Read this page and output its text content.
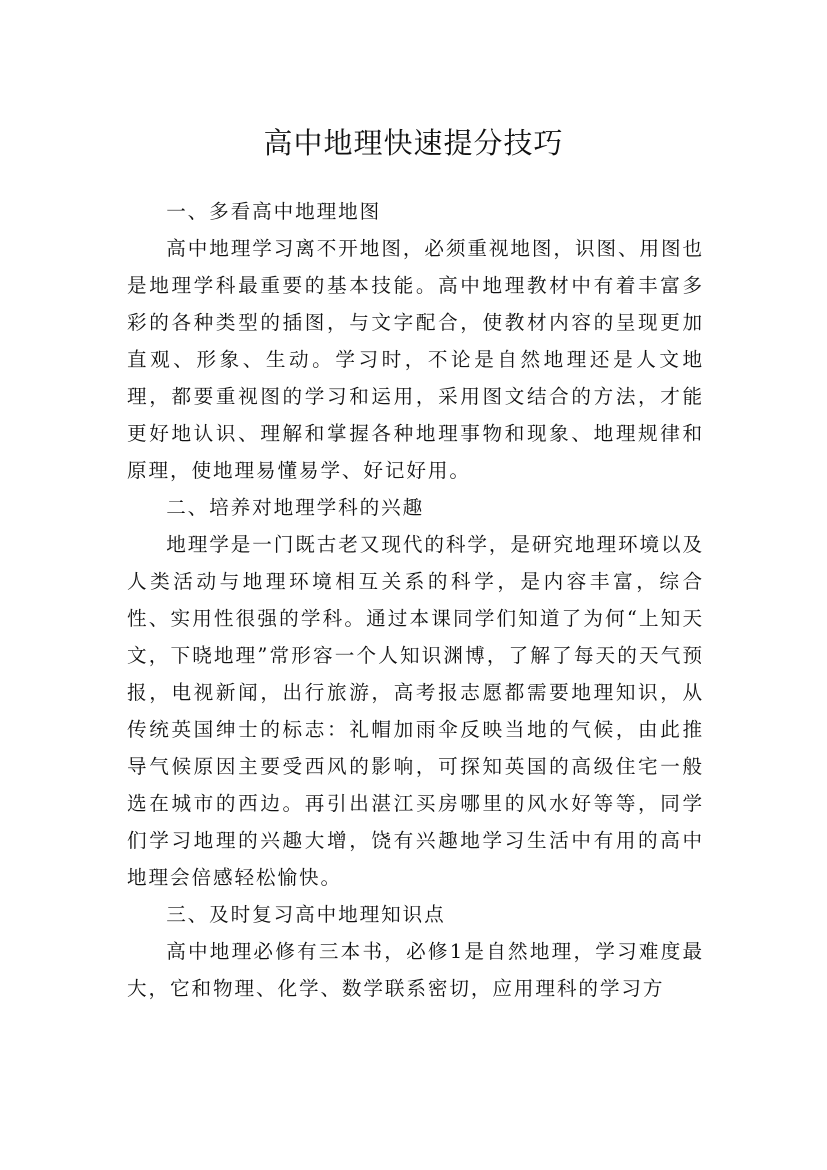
高中地理快速提分技巧

一、多看高中地理地图

高中地理学习离不开地图，必须重视地图，识图、用图也是地理学科最重要的基本技能。高中地理教材中有着丰富多彩的各种类型的插图，与文字配合，使教材内容的呈现更加直观、形象、生动。学习时，不论是自然地理还是人文地理，都要重视图的学习和运用，采用图文结合的方法，才能更好地认识、理解和掌握各种地理事物和现象、地理规律和原理，使地理易懂易学、好记好用。

二、培养对地理学科的兴趣

地理学是一门既古老又现代的科学，是研究地理环境以及人类活动与地理环境相互关系的科学，是内容丰富，综合性、实用性很强的学科。通过本课同学们知道了为何“上知天文，下晓地理”常形容一个人知识渊博，了解了每天的天气预报，电视新闻，出行旅游，高考报志愿都需要地理知识，从传统英国绅士的标志：礼帽加雨伞反映当地的气候，由此推导气候原因主要受西风的影响，可探知英国的高级住宅一般选在城市的西边。再引出湛江买房哪里的风水好等等，同学们学习地理的兴趣大增，饶有兴趣地学习生活中有用的高中地理会倍感轻松愉快。

三、及时复习高中地理知识点

高中地理必修有三本书，必修1是自然地理，学习难度最大，它和物理、化学、数学联系密切，应用理科的学习方
